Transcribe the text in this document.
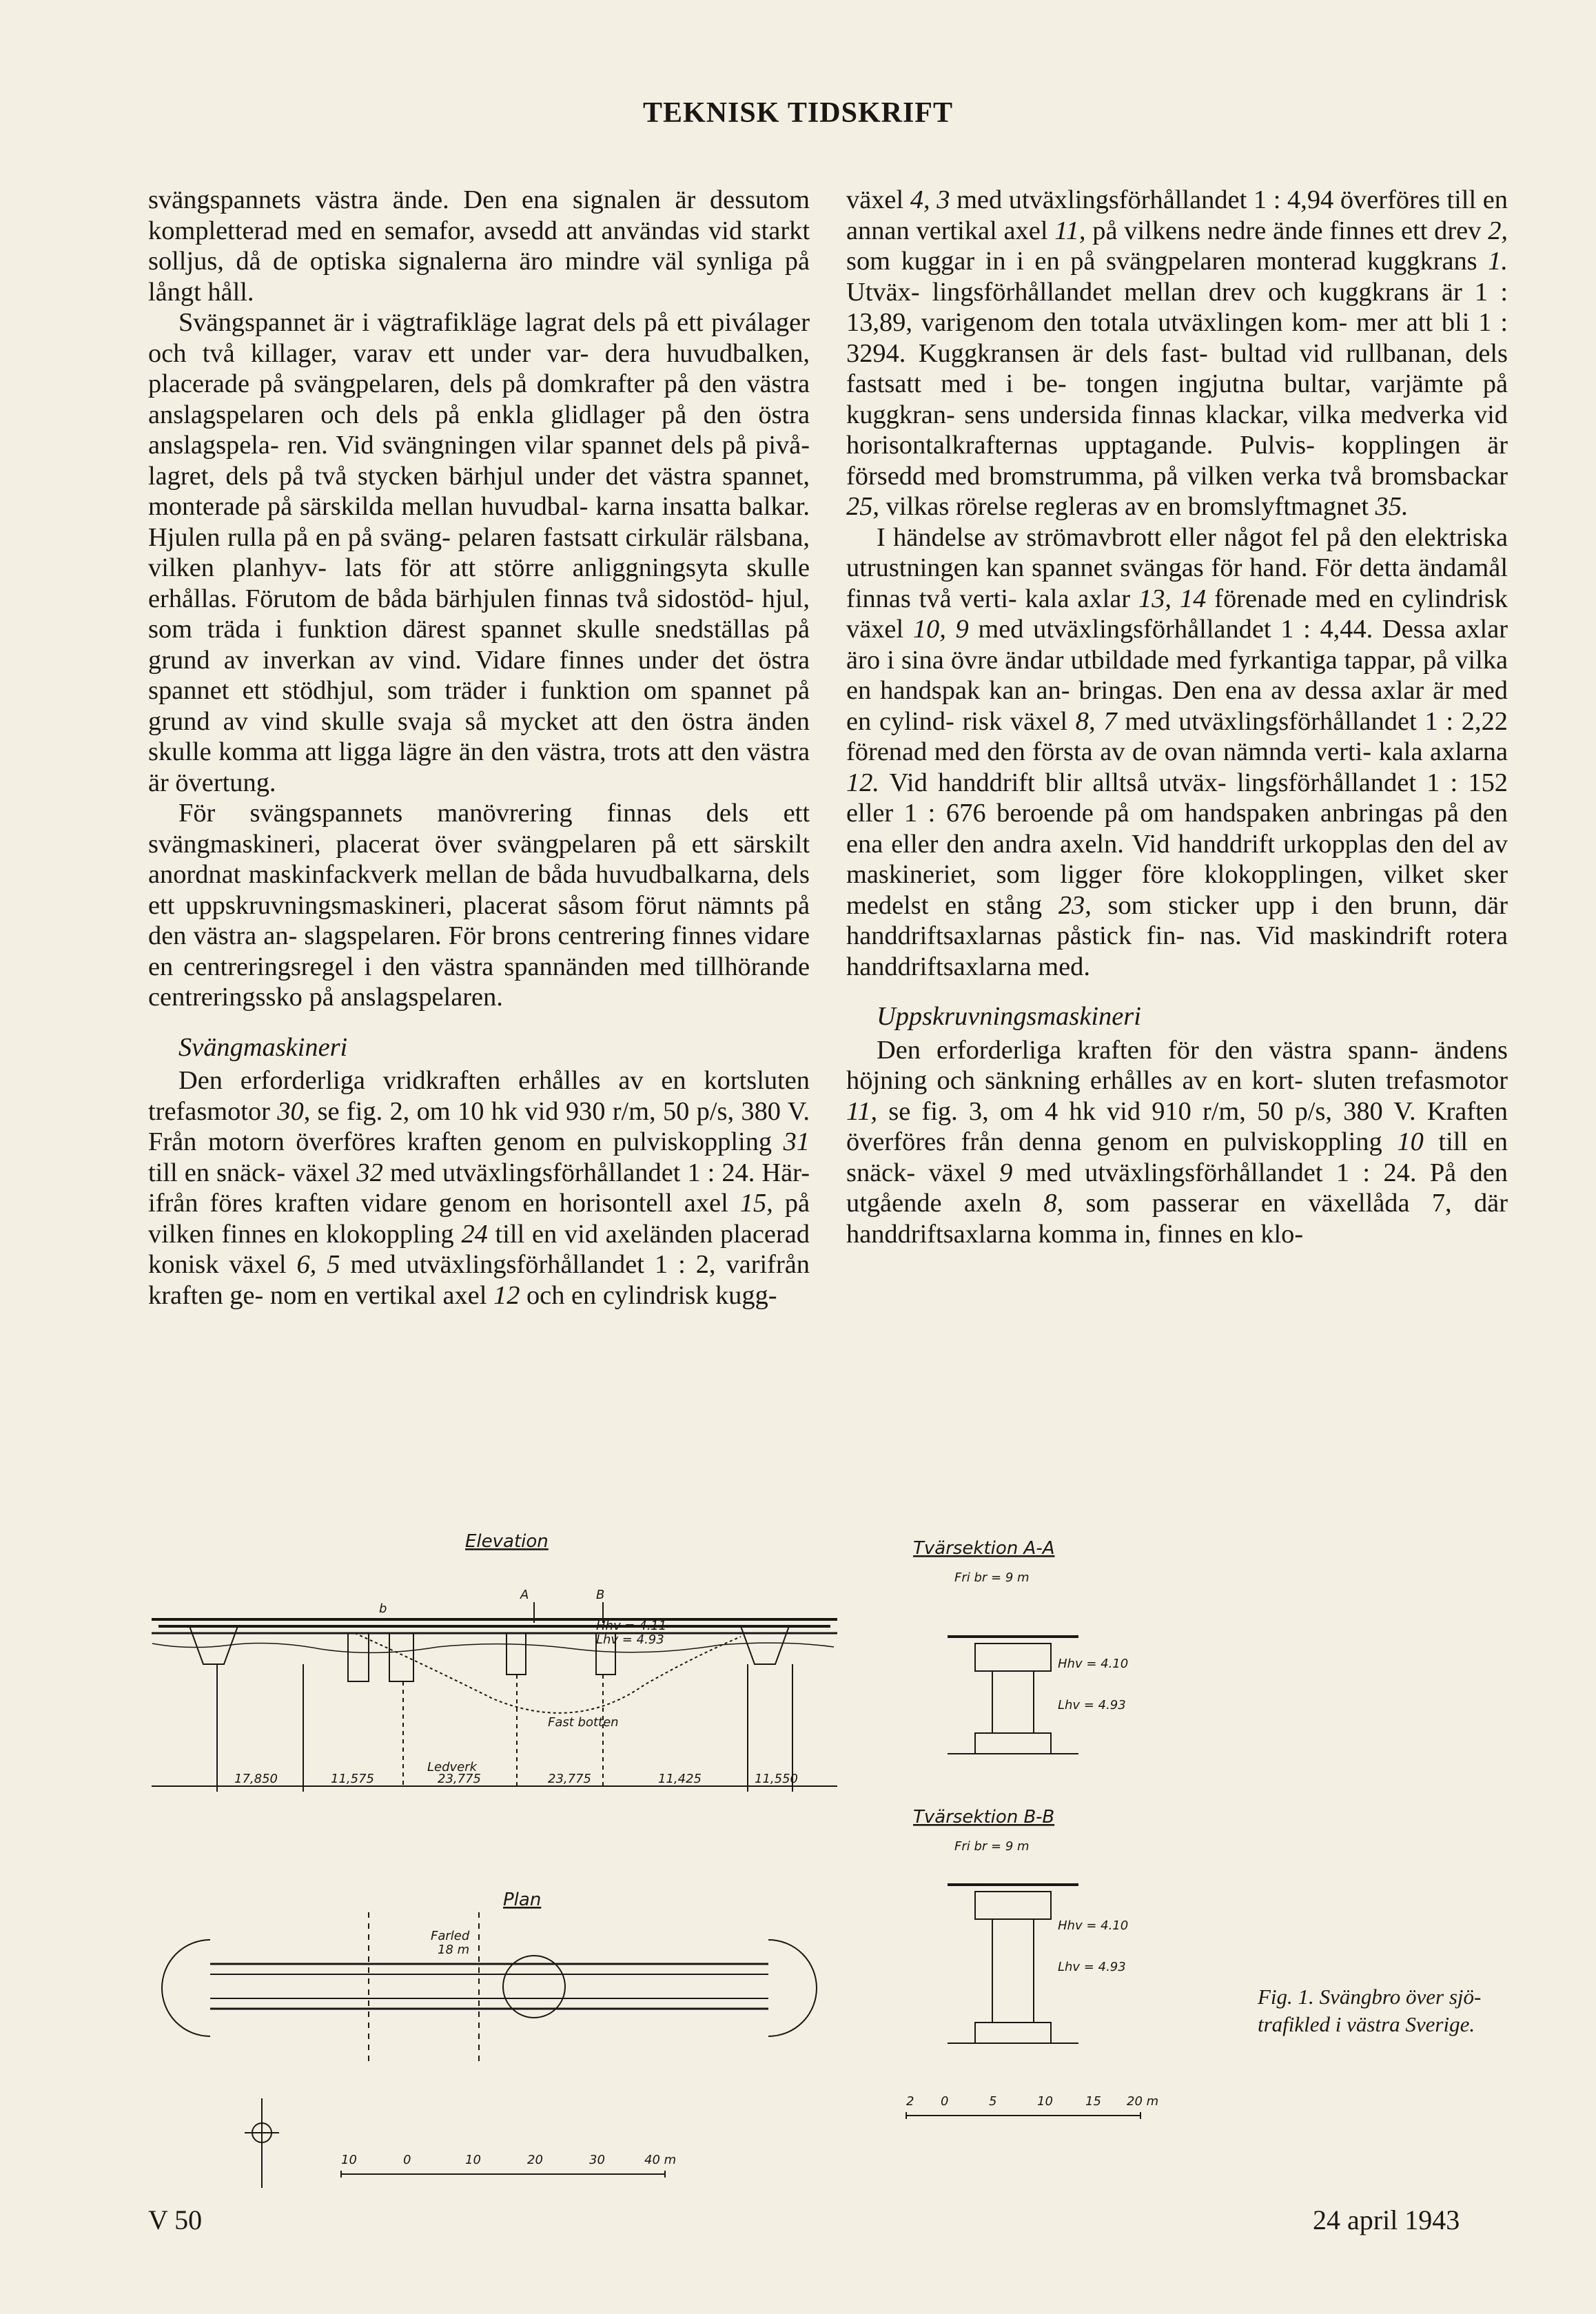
TEKNISK TIDSKRIFT

svängspannets västra ände. Den ena signalen är dessutom kompletterad med en semafor, avsedd att användas vid starkt solljus, då de optiska signalerna äro mindre väl synliga på långt håll.

Svängspannet är i vägtrafikläge lagrat dels på ett piválager och två killager, varav ett under var- dera huvudbalken, placerade på svängpelaren, dels på domkrafter på den västra anslagspelaren och dels på enkla glidlager på den östra anslagspela- ren. Vid svängningen vilar spannet dels på pivå- lagret, dels på två stycken bärhjul under det västra spannet, monterade på särskilda mellan huvudbal- karna insatta balkar. Hjulen rulla på en på sväng- pelaren fastsatt cirkulär rälsbana, vilken planhyv- lats för att större anliggningsyta skulle erhållas. Förutom de båda bärhjulen finnas två sidostöd- hjul, som träda i funktion därest spannet skulle snedställas på grund av inverkan av vind. Vidare finnes under det östra spannet ett stödhjul, som träder i funktion om spannet på grund av vind skulle svaja så mycket att den östra änden skulle komma att ligga lägre än den västra, trots att den västra är övertung.

För svängspannets manövrering finnas dels ett svängmaskineri, placerat över svängpelaren på ett särskilt anordnat maskinfackverk mellan de båda huvudbalkarna, dels ett uppskruvningsmaskineri, placerat såsom förut nämnts på den västra an- slagspelaren. För brons centrering finnes vidare en centreringsregel i den västra spannänden med tillhörande centreringssko på anslagspelaren.

Svängmaskineri

Den erforderliga vridkraften erhålles av en kortsluten trefasmotor 30, se fig. 2, om 10 hk vid 930 r/m, 50 p/s, 380 V. Från motorn överföres kraften genom en pulviskoppling 31 till en snäck- växel 32 med utväxlingsförhållandet 1 : 24. Här- ifrån föres kraften vidare genom en horisontell axel 15, på vilken finnes en klokoppling 24 till en vid axeländen placerad konisk växel 6, 5 med utväxlingsförhållandet 1 : 2, varifrån kraften ge- nom en vertikal axel 12 och en cylindrisk kugg-

växel 4, 3 med utväxlingsförhållandet 1 : 4,94 överföres till en annan vertikal axel 11, på vilkens nedre ände finnes ett drev 2, som kuggar in i en på svängpelaren monterad kuggkrans 1. Utväx- lingsförhållandet mellan drev och kuggkrans är 1 : 13,89, varigenom den totala utväxlingen kom- mer att bli 1 : 3294. Kuggkransen är dels fast- bultad vid rullbanan, dels fastsatt med i be- tongen ingjutna bultar, varjämte på kuggkran- sens undersida finnas klackar, vilka medverka vid horisontalkrafternas upptagande. Pulvis- kopplingen är försedd med bromstrumma, på vilken verka två bromsbackar 25, vilkas rörelse regleras av en bromslyftmagnet 35.

I händelse av strömavbrott eller något fel på den elektriska utrustningen kan spannet svängas för hand. För detta ändamål finnas två verti- kala axlar 13, 14 förenade med en cylindrisk växel 10, 9 med utväxlingsförhållandet 1 : 4,44. Dessa axlar äro i sina övre ändar utbildade med fyrkantiga tappar, på vilka en handspak kan an- bringas. Den ena av dessa axlar är med en cylind- risk växel 8, 7 med utväxlingsförhållandet 1 : 2,22 förenad med den första av de ovan nämnda verti- kala axlarna 12. Vid handdrift blir alltså utväx- lingsförhållandet 1 : 152 eller 1 : 676 beroende på om handspaken anbringas på den ena eller den andra axeln. Vid handdrift urkopplas den del av maskineriet, som ligger före klokopplingen, vilket sker medelst en stång 23, som sticker upp i den brunn, där handdriftsaxlarnas påstick fin- nas. Vid maskindrift rotera handdriftsaxlarna med.

Uppskruvningsmaskineri

Den erforderliga kraften för den västra spann- ändens höjning och sänkning erhålles av en kort- sluten trefasmotor 11, se fig. 3, om 4 hk vid 910 r/m, 50 p/s, 380 V. Kraften överföres från denna genom en pulviskoppling 10 till en snäck- växel 9 med utväxlingsförhållandet 1 : 24. På den utgående axeln 8, som passerar en växellåda 7, där handdriftsaxlarna komma in, finnes en klo-

Elevation
A	B
b
Hhv = 4.11
Lhv = 4.93
Fast botten
Ledverk
17,850	11,575	23,775	23,775	11,425	11,550
Plan
Farled
18 m
Tvärsektion A-A
Fri br = 9 m
Hhv = 4.10
Lhv = 4.93
Tvärsektion B-B
Fri br = 9 m
Hhv = 4.10
Lhv = 4.93
10	0	10	20	30	40 m
2 0	5	10	15 20 m
Fig. 1. Svängbro över sjö- trafikled i västra Sverige.
V 50	24 april 1943
